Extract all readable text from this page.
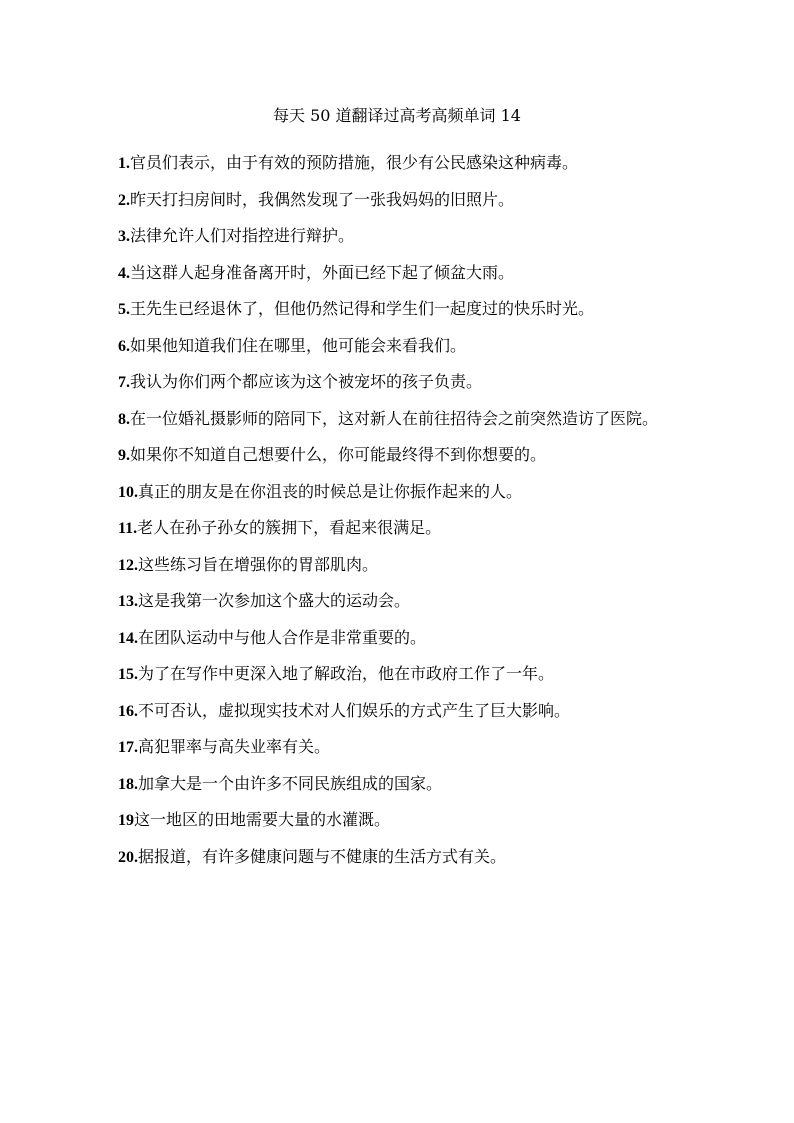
每天 50 道翻译过高考高频单词 14
1.官员们表示，由于有效的预防措施，很少有公民感染这种病毒。
2.昨天打扫房间时，我偶然发现了一张我妈妈的旧照片。
3.法律允许人们对指控进行辩护。
4.当这群人起身准备离开时，外面已经下起了倾盆大雨。
5.王先生已经退休了，但他仍然记得和学生们一起度过的快乐时光。
6.如果他知道我们住在哪里，他可能会来看我们。
7.我认为你们两个都应该为这个被宠坏的孩子负责。
8.在一位婚礼摄影师的陪同下，这对新人在前往招待会之前突然造访了医院。
9.如果你不知道自己想要什么，你可能最终得不到你想要的。
10.真正的朋友是在你沮丧的时候总是让你振作起来的人。
11.老人在孙子孙女的簇拥下，看起来很满足。
12.这些练习旨在增强你的胃部肌肉。
13.这是我第一次参加这个盛大的运动会。
14.在团队运动中与他人合作是非常重要的。
15.为了在写作中更深入地了解政治，他在市政府工作了一年。
16.不可否认，虚拟现实技术对人们娱乐的方式产生了巨大影响。
17.高犯罪率与高失业率有关。
18.加拿大是一个由许多不同民族组成的国家。
19这一地区的田地需要大量的水灌溉。
20.据报道，有许多健康问题与不健康的生活方式有关。
